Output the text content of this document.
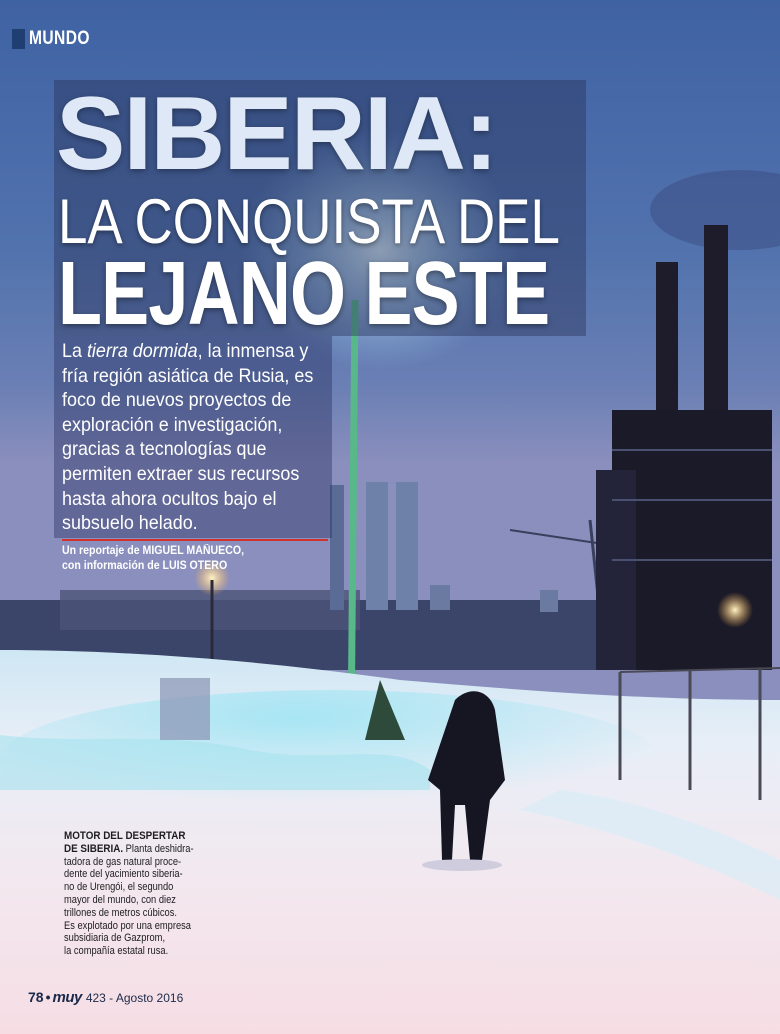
MUNDO
SIBERIA:
LA CONQUISTA DEL
LEJANO ESTE
La tierra dormida, la inmensa y
fría región asiática de Rusia, es
foco de nuevos proyectos de
exploración e investigación,
gracias a tecnologías que
permiten extraer sus recursos
hasta ahora ocultos bajo el
subsuelo helado.
Un reportaje de MIGUEL MAÑUECO,
con información de LUIS OTERO
MOTOR DEL DESPERTAR
DE SIBERIA. Planta deshidra-
tadora de gas natural proce-
dente del yacimiento siberia-
no de Urengói, el segundo
mayor del mundo, con diez
trillones de metros cúbicos.
Es explotado por una empresa
subsidiaria de Gazprom,
la compañía estatal rusa.
78 • muy 423 - Agosto 2016
